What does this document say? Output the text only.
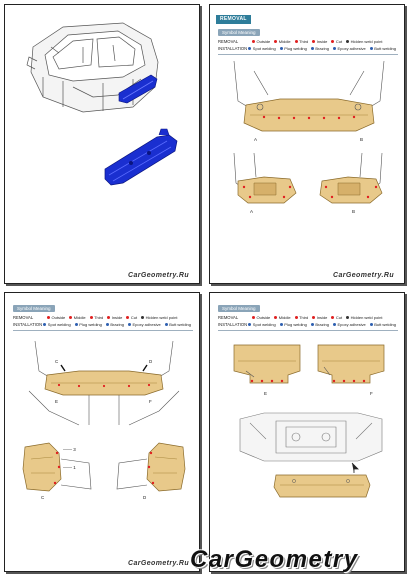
CarGeometry.Ru
REMOVAL
Symbol Meaning
REMOVAL	Outside Middle Third Inside Cut Hidden weld point
INSTALLATION Spot welding Plug welding Brazing Epoxy adhesive Butt welding
A	B
A	B
CarGeometry.Ru
Symbol Meaning
REMOVAL	Outside Middle Third Inside Cut Hidden weld point
INSTALLATION Spot welding Plug welding Brazing Epoxy adhesive Butt welding
C	D
E	F
—— 3
—— 1
C	D
CarGeometry.Ru
Symbol Meaning
REMOVAL	Outside Middle Third Inside Cut Hidden weld point
INSTALLATION Spot welding Plug welding Brazing Epoxy adhesive Butt welding
E	F
CarGeometry
